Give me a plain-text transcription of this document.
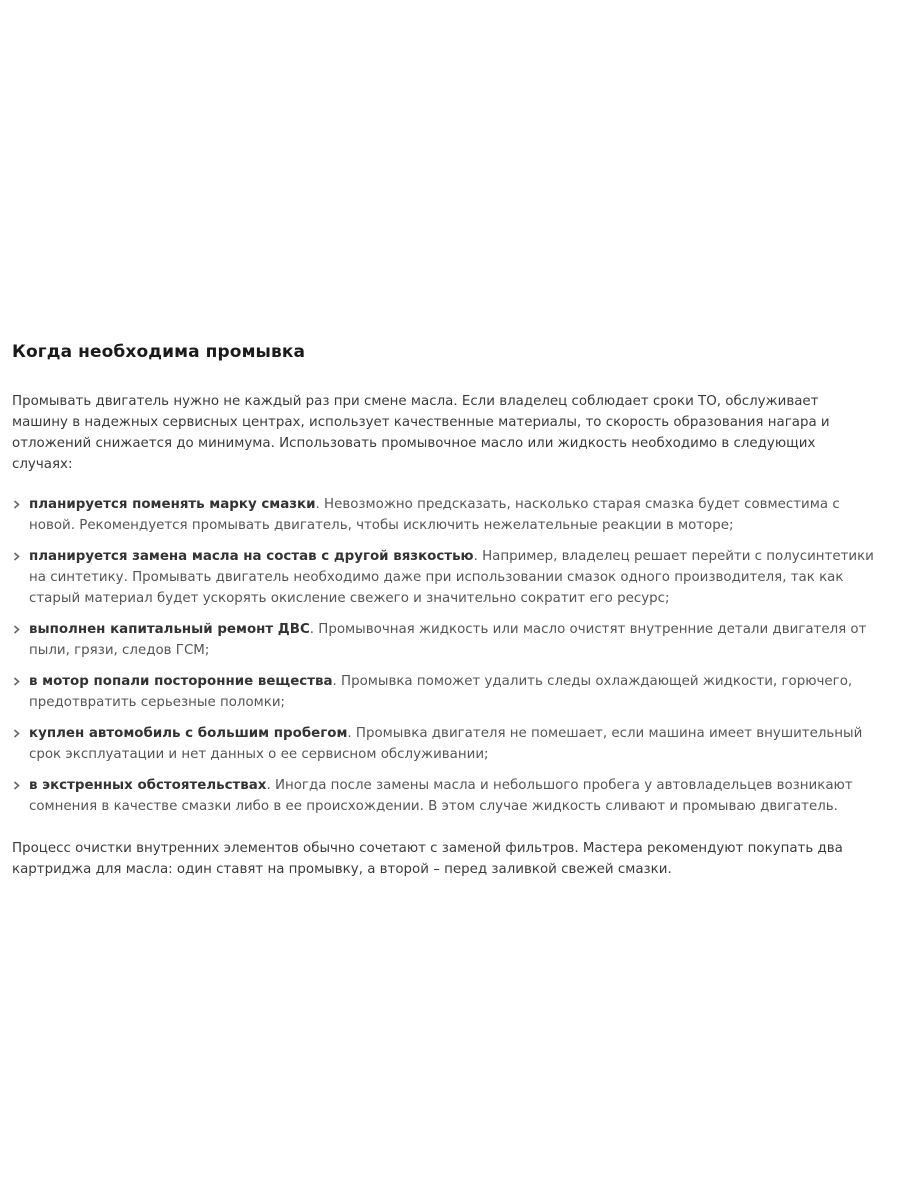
Когда необходима промывка

Промывать двигатель нужно не каждый раз при смене масла. Если владелец соблюдает сроки ТО, обслуживает машину в надежных сервисных центрах, использует качественные материалы, то скорость образования нагара и отложений снижается до минимума. Использовать промывочное масло или жидкость необходимо в следующих случаях:

планируется поменять марку смазки. Невозможно предсказать, насколько старая смазка будет совместима с новой. Рекомендуется промывать двигатель, чтобы исключить нежелательные реакции в моторе;
планируется замена масла на состав с другой вязкостью. Например, владелец решает перейти с полусинтетики на синтетику. Промывать двигатель необходимо даже при использовании смазок одного производителя, так как старый материал будет ускорять окисление свежего и значительно сократит его ресурс;
выполнен капитальный ремонт ДВС. Промывочная жидкость или масло очистят внутренние детали двигателя от пыли, грязи, следов ГСМ;
в мотор попали посторонние вещества. Промывка поможет удалить следы охлаждающей жидкости, горючего, предотвратить серьезные поломки;
куплен автомобиль с большим пробегом. Промывка двигателя не помешает, если машина имеет внушительный срок эксплуатации и нет данных о ее сервисном обслуживании;
в экстренных обстоятельствах. Иногда после замены масла и небольшого пробега у автовладельцев возникают сомнения в качестве смазки либо в ее происхождении. В этом случае жидкость сливают и промываю двигатель.

Процесс очистки внутренних элементов обычно сочетают с заменой фильтров. Мастера рекомендуют покупать два картриджа для масла: один ставят на промывку, а второй – перед заливкой свежей смазки.
